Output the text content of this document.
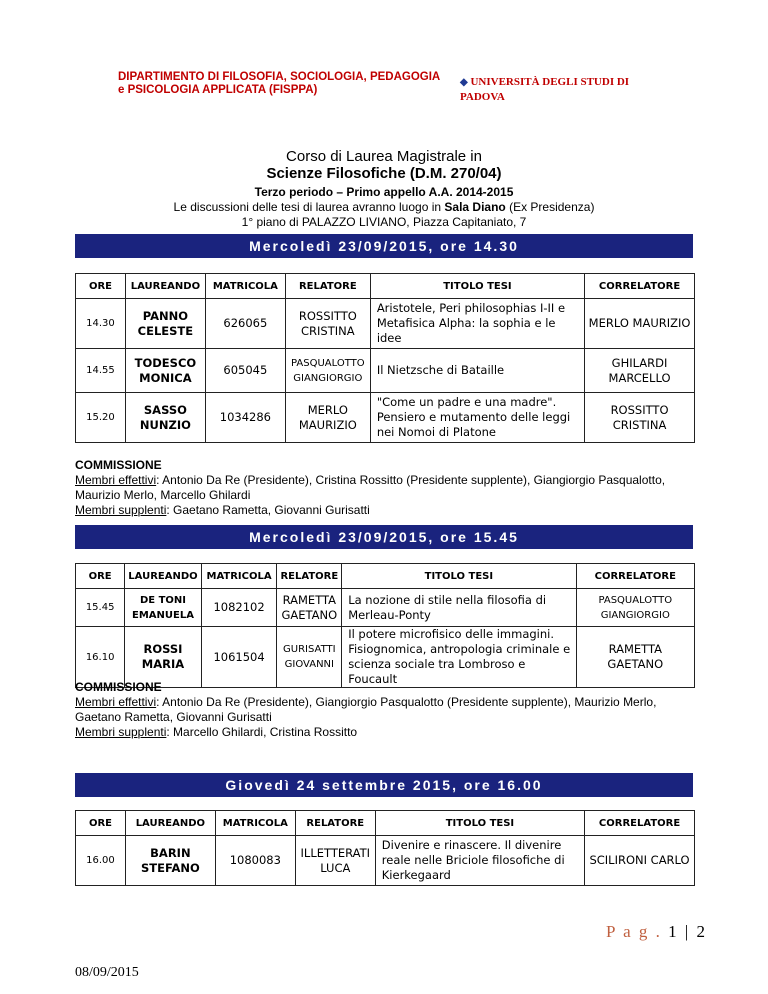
DIPARTIMENTO DI FILOSOFIA, SOCIOLOGIA, PEDAGOGIA
e PSICOLOGIA APPLICATA (FISPPA)
◆ UNIVERSITÀ DEGLI STUDI DI
PADOVA
Corso di Laurea Magistrale in
Scienze Filosofiche (D.M. 270/04)
Terzo periodo – Primo appello A.A. 2014-2015
Le discussioni delle tesi di laurea avranno luogo in Sala Diano (Ex Presidenza)
1° piano di PALAZZO LIVIANO, Piazza Capitaniato, 7
Mercoledì 23/09/2015, ore 14.30
ORE	LAUREANDO	MATRICOLA	RELATORE	TITOLO TESI	CORRELATORE
14.30	PANNO CELESTE	626065	ROSSITTO CRISTINA	Aristotele, Peri philosophias I-II e Metafisica Alpha: la sophia e le idee	MERLO MAURIZIO
14.55	TODESCO MONICA	605045	PASQUALOTTO GIANGIORGIO	Il Nietzsche di Bataille	GHILARDI MARCELLO
15.20	SASSO NUNZIO	1034286	MERLO MAURIZIO	"Come un padre e una madre". Pensiero e mutamento delle leggi nei Nomoi di Platone	ROSSITTO CRISTINA
COMMISSIONE
Membri effettivi: Antonio Da Re (Presidente), Cristina Rossitto (Presidente supplente), Giangiorgio Pasqualotto, Maurizio Merlo, Marcello Ghilardi
Membri supplenti: Gaetano Rametta, Giovanni Gurisatti
Mercoledì 23/09/2015, ore 15.45
ORE	LAUREANDO	MATRICOLA	RELATORE	TITOLO TESI	CORRELATORE
15.45	DE TONI EMANUELA	1082102	RAMETTA GAETANO	La nozione di stile nella filosofia di Merleau-Ponty	PASQUALOTTO GIANGIORGIO
16.10	ROSSI MARIA	1061504	GURISATTI GIOVANNI	Il potere microfisico delle immagini. Fisiognomica, antropologia criminale e scienza sociale tra Lombroso e Foucault	RAMETTA GAETANO
COMMISSIONE
Membri effettivi: Antonio Da Re (Presidente), Giangiorgio Pasqualotto (Presidente supplente), Maurizio Merlo, Gaetano Rametta, Giovanni Gurisatti
Membri supplenti: Marcello Ghilardi, Cristina Rossitto
Giovedì 24 settembre 2015, ore 16.00
ORE	LAUREANDO	MATRICOLA	RELATORE	TITOLO TESI	CORRELATORE
16.00	BARIN STEFANO	1080083	ILLETTERATI LUCA	Divenire e rinascere. Il divenire reale nelle Briciole filosofiche di Kierkegaard	SCILIRONI CARLO
P a g . 1 | 2
08/09/2015
